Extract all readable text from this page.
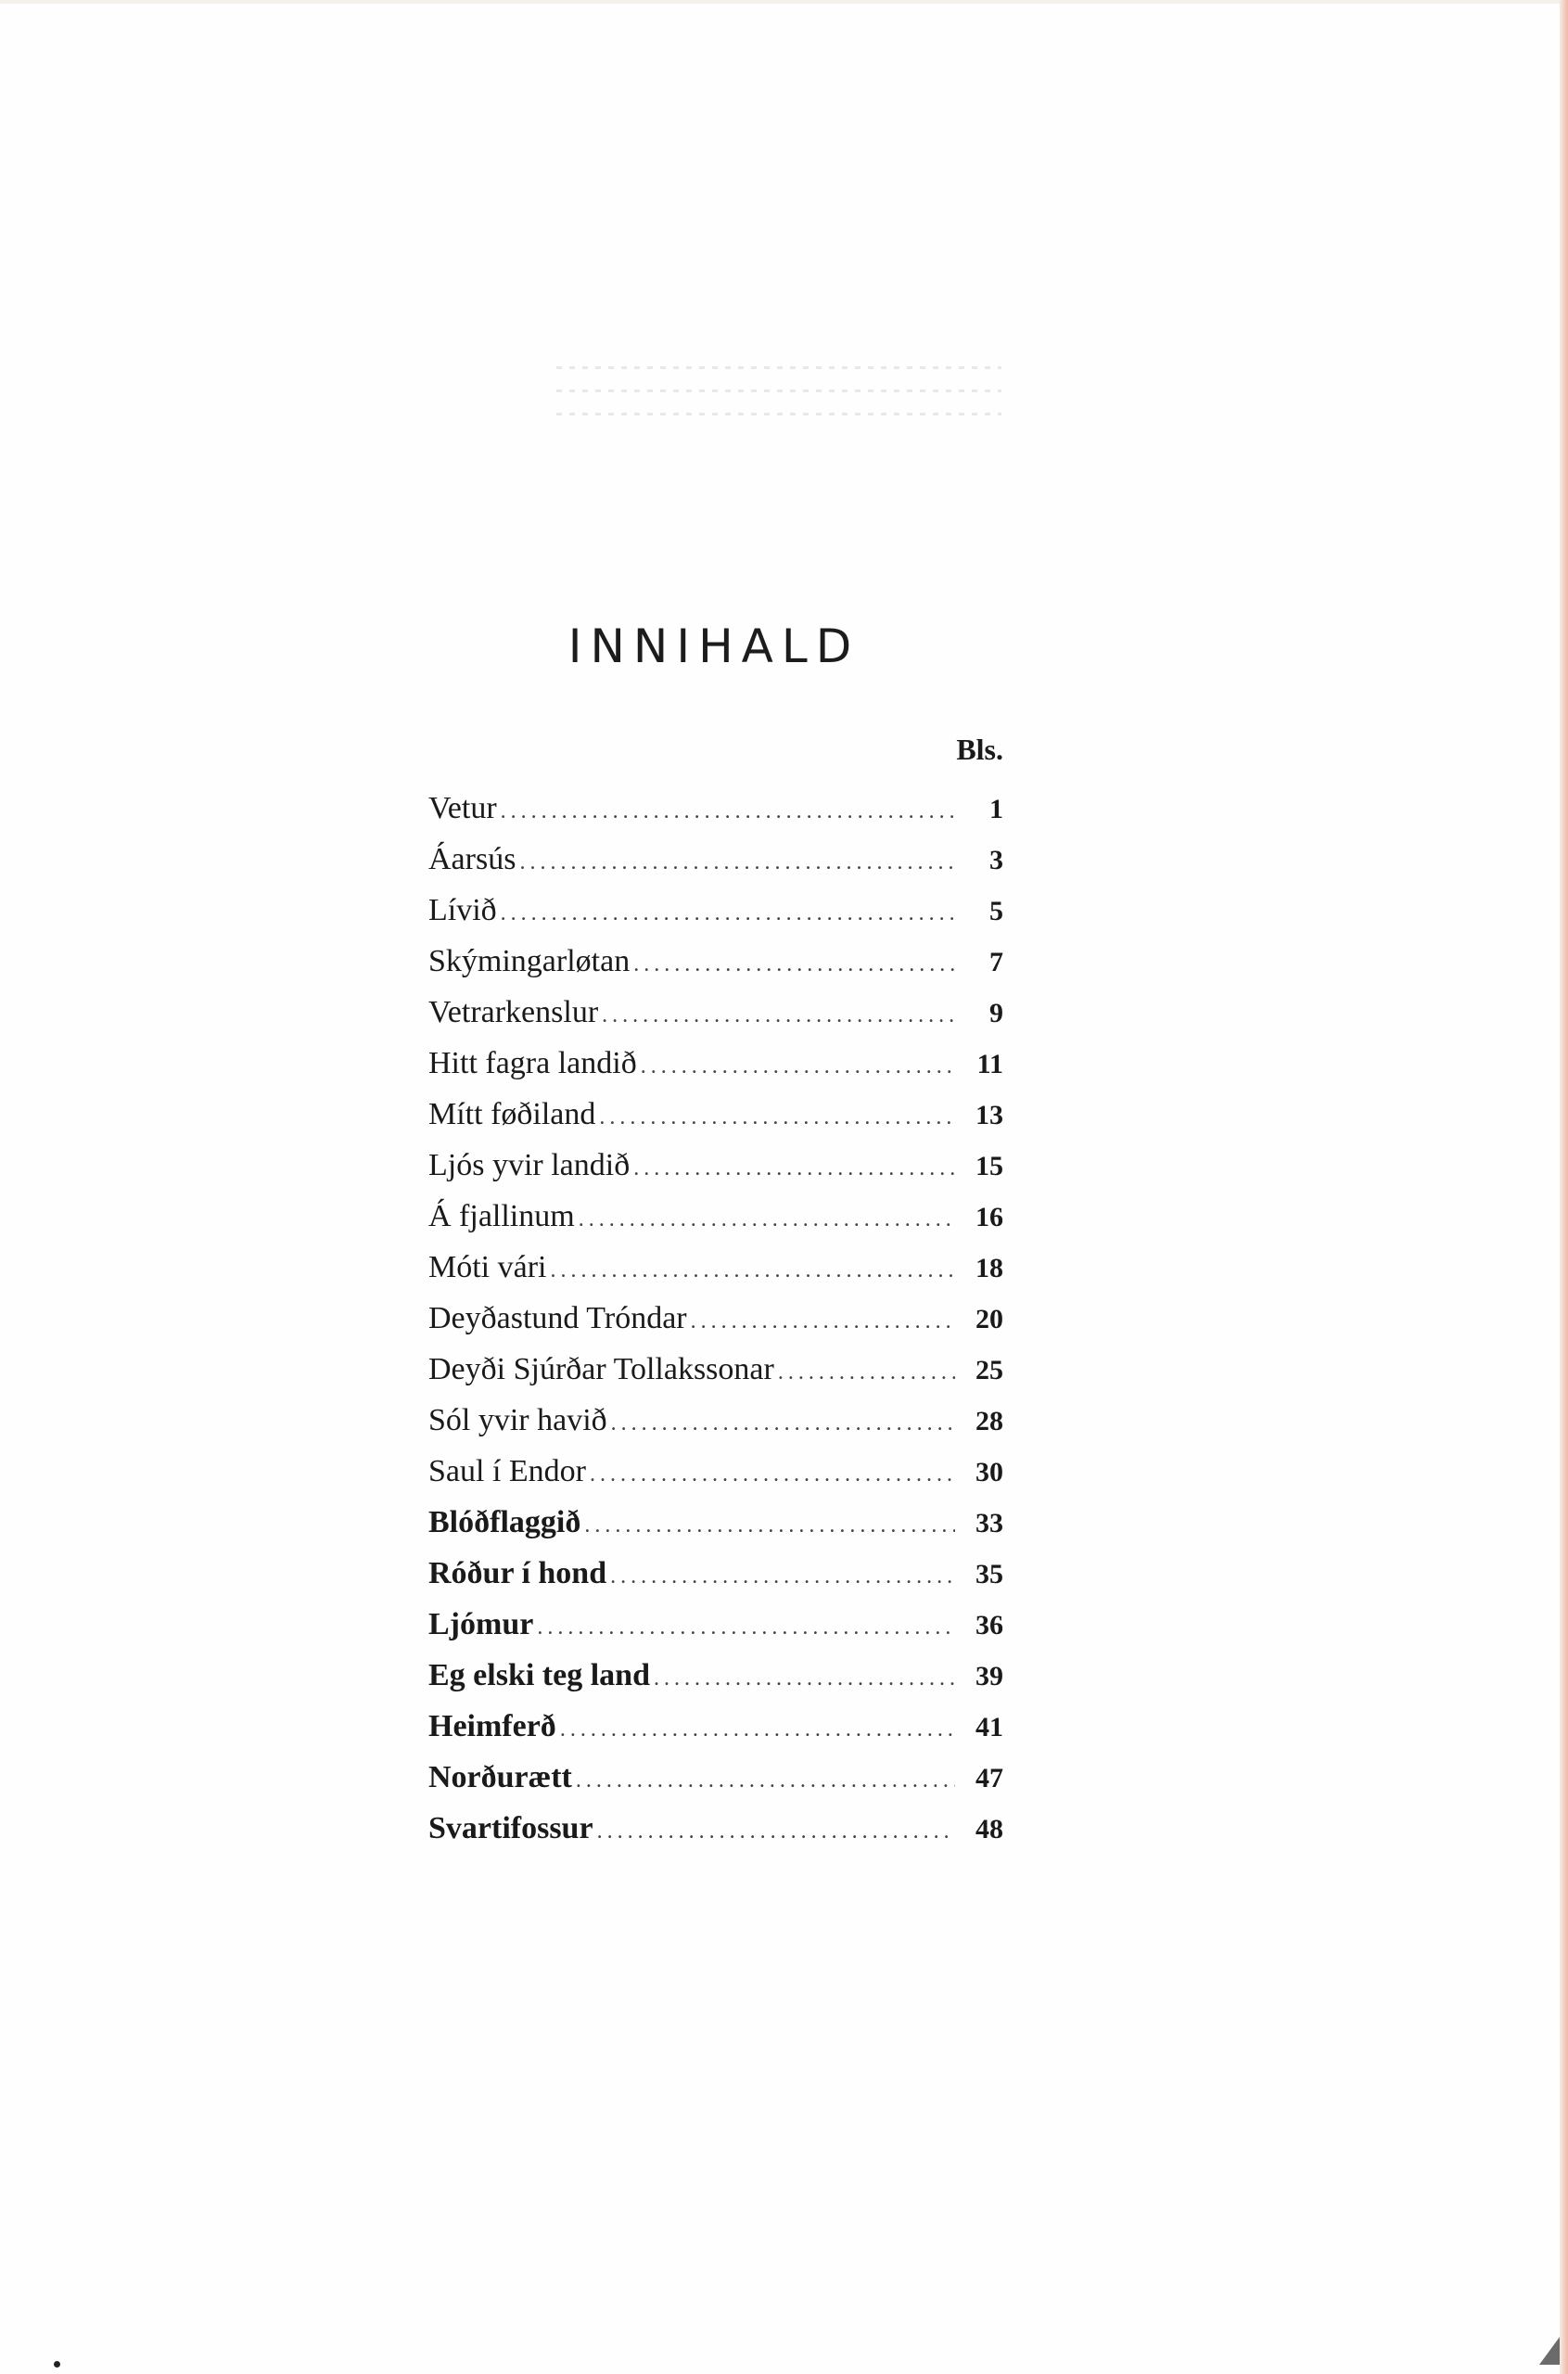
INNIHALD
Bls.
Vetur .....	1
Áarsús .....	3
Lívið .....	5
Skýmingarløtan .....	7
Vetrarkenslur .....	9
Hitt fagra landið .....	11
Mítt føðiland .....	13
Ljós yvir landið .....	15
Á fjallinum .....	16
Móti vári .....	18
Deyðastund Tróndar .....	20
Deyði Sjúrðar Tollakssonar .....	25
Sól yvir havið .....	28
Saul í Endor .....	30
Blóðflaggið .....	33
Róður í hond .....	35
Ljómur .....	36
Eg elski teg land .....	39
Heimferð .....	41
Norðurætt .....	47
Svartifossur .....	48
